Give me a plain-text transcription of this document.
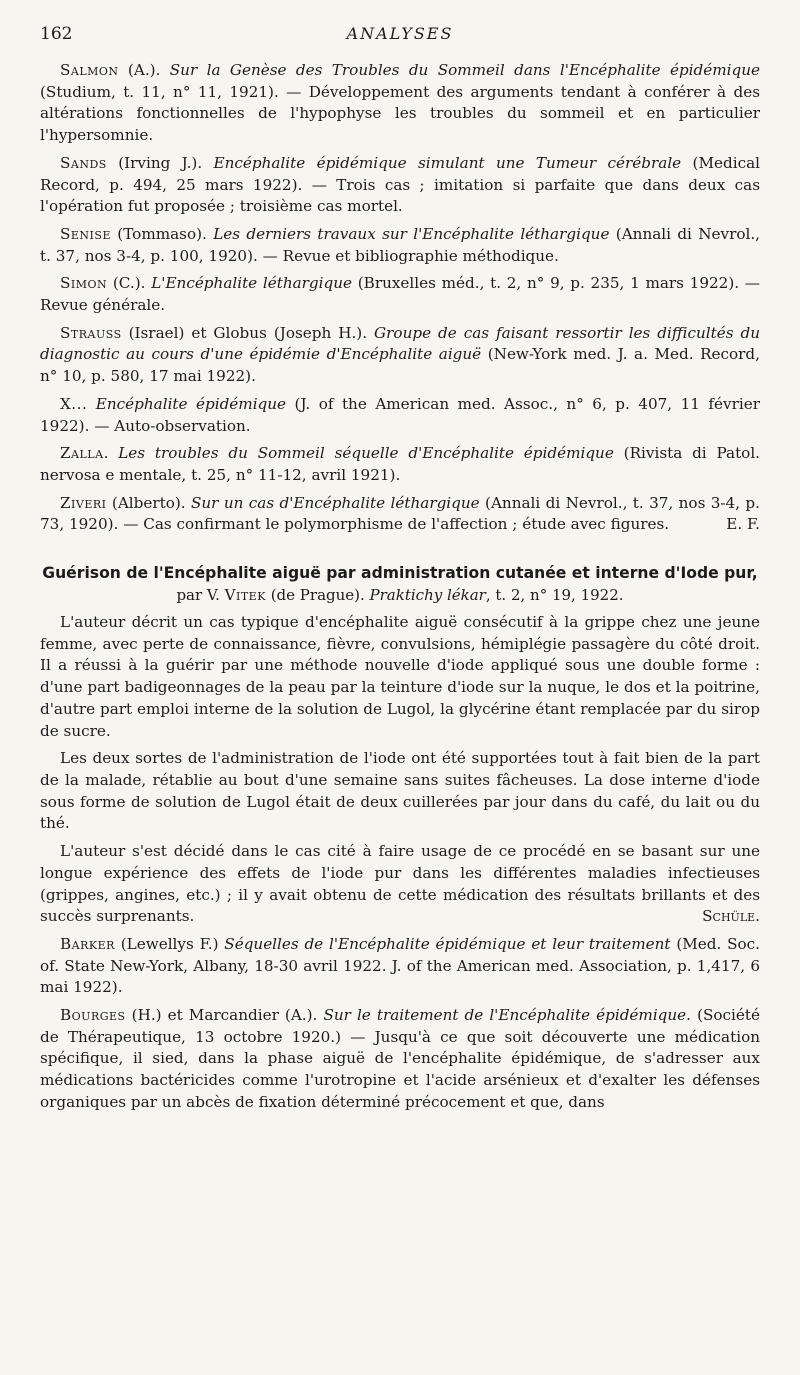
162	ANALYSES

Salmon (A.). Sur la Genèse des Troubles du Sommeil dans l'Encéphalite épidémique (Studium, t. 11, n° 11, 1921). — Développement des arguments tendant à conférer à des altérations fonctionnelles de l'hypophyse les troubles du sommeil et en particulier l'hypersomnie.

Sands (Irving J.). Encéphalite épidémique simulant une Tumeur cérébrale (Medical Record, p. 494, 25 mars 1922). — Trois cas ; imitation si parfaite que dans deux cas l'opération fut proposée ; troisième cas mortel.

Senise (Tommaso). Les derniers travaux sur l'Encéphalite léthargique (Annali di Nevrol., t. 37, nos 3-4, p. 100, 1920). — Revue et bibliographie méthodique.

Simon (C.). L'Encéphalite léthargique (Bruxelles méd., t. 2, n° 9, p. 235, 1 mars 1922). — Revue générale.

Strauss (Israel) et Globus (Joseph H.). Groupe de cas faisant ressortir les difficultés du diagnostic au cours d'une épidémie d'Encéphalite aiguë (New-York med. J. a. Med. Record, n° 10, p. 580, 17 mai 1922).

X... Encéphalite épidémique (J. of the American med. Assoc., n° 6, p. 407, 11 février 1922). — Auto-observation.

Zalla. Les troubles du Sommeil séquelle d'Encéphalite épidémique (Rivista di Patol. nervosa e mentale, t. 25, n° 11-12, avril 1921).

Ziveri (Alberto). Sur un cas d'Encéphalite léthargique (Annali di Nevrol., t. 37, nos 3-4, p. 73, 1920). — Cas confirmant le polymorphisme de l'affection ; étude avec figures.	E. F.

Guérison de l'Encéphalite aiguë par administration cutanée et interne d'Iode pur, par V. Vitek (de Prague). Praktichy lékar, t. 2, n° 19, 1922.

L'auteur décrit un cas typique d'encéphalite aiguë consécutif à la grippe chez une jeune femme, avec perte de connaissance, fièvre, convulsions, hémiplégie passagère du côté droit. Il a réussi à la guérir par une méthode nouvelle d'iode appliqué sous une double forme : d'une part badigeonnages de la peau par la teinture d'iode sur la nuque, le dos et la poitrine, d'autre part emploi interne de la solution de Lugol, la glycérine étant remplacée par du sirop de sucre.

Les deux sortes de l'administration de l'iode ont été supportées tout à fait bien de la part de la malade, rétablie au bout d'une semaine sans suites fâcheuses. La dose interne d'iode sous forme de solution de Lugol était de deux cuillerées par jour dans du café, du lait ou du thé.

L'auteur s'est décidé dans le cas cité à faire usage de ce procédé en se basant sur une longue expérience des effets de l'iode pur dans les différentes maladies infectieuses (grippes, angines, etc.) ; il y avait obtenu de cette médication des résultats brillants et des succès surprenants.	Schüle.

Barker (Lewellys F.) Séquelles de l'Encéphalite épidémique et leur traitement (Med. Soc. of. State New-York, Albany, 18-30 avril 1922. J. of the American med. Association, p. 1,417, 6 mai 1922).

Bourges (H.) et Marcandier (A.). Sur le traitement de l'Encéphalite épidémique. (Société de Thérapeutique, 13 octobre 1920.) — Jusqu'à ce que soit découverte une médication spécifique, il sied, dans la phase aiguë de l'encéphalite épidémique, de s'adresser aux médications bactéricides comme l'urotropine et l'acide arsénieux et d'exalter les défenses organiques par un abcès de fixation déterminé précocement et que, dans
